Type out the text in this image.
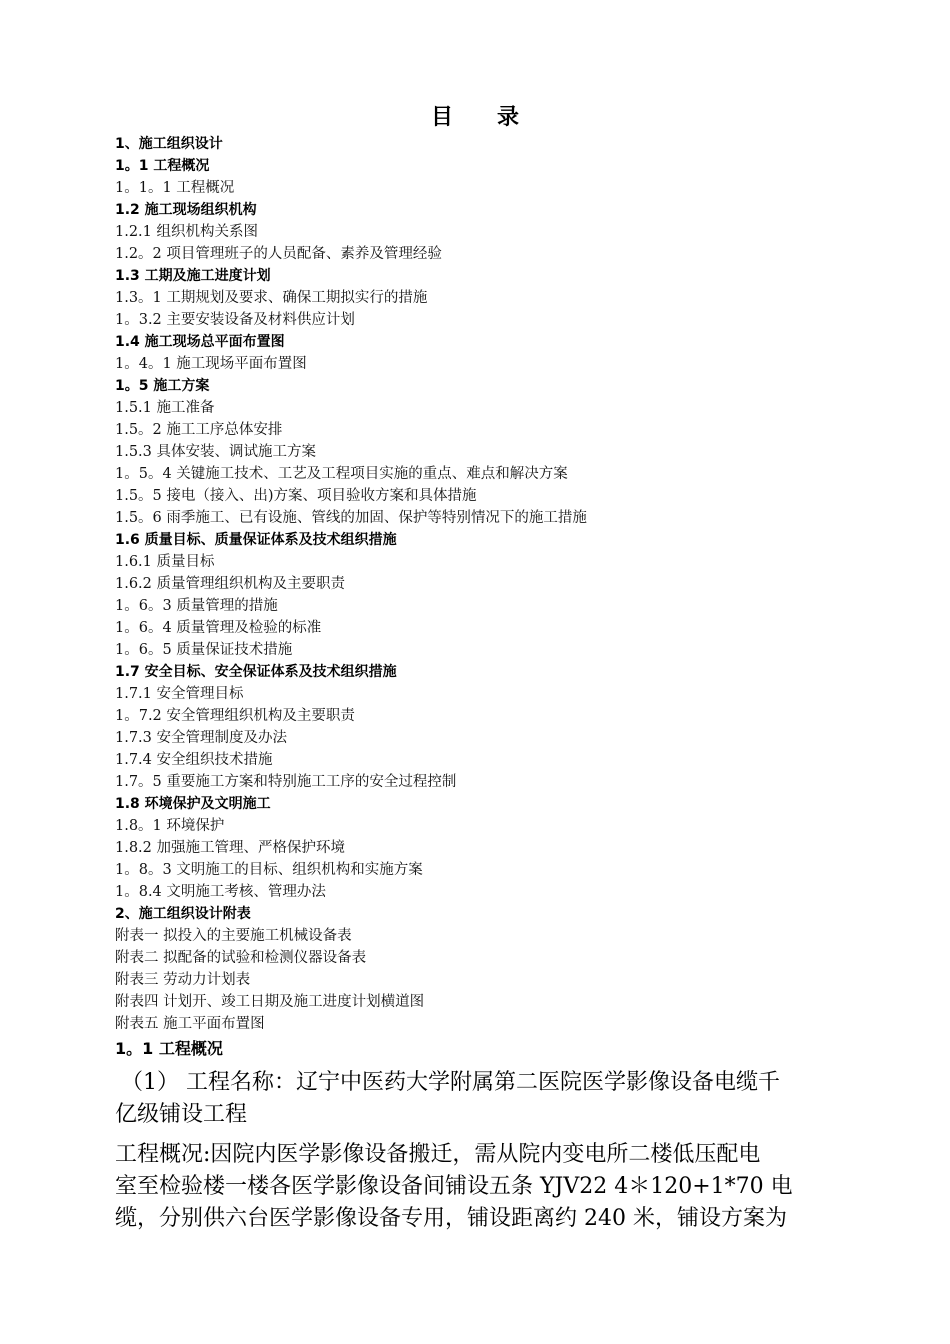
目 录
1、施工组织设计
1。1 工程概况
1。1。1 工程概况
1.2 施工现场组织机构
1.2.1 组织机构关系图
1.2。2 项目管理班子的人员配备、素养及管理经验
1.3 工期及施工进度计划
1.3。1 工期规划及要求、确保工期拟实行的措施
1。3.2 主要安装设备及材料供应计划
1.4 施工现场总平面布置图
1。4。1 施工现场平面布置图
1。5 施工方案
1.5.1 施工准备
1.5。2 施工工序总体安排
1.5.3 具体安装、调试施工方案
1。5。4 关键施工技术、工艺及工程项目实施的重点、难点和解决方案
1.5。5 接电（接入、出)方案、项目验收方案和具体措施
1.5。6 雨季施工、已有设施、管线的加固、保护等特别情况下的施工措施
1.6 质量目标、质量保证体系及技术组织措施
1.6.1 质量目标
1.6.2 质量管理组织机构及主要职责
1。6。3 质量管理的措施
1。6。4 质量管理及检验的标准
1。6。5 质量保证技术措施
1.7 安全目标、安全保证体系及技术组织措施
1.7.1 安全管理目标
1。7.2 安全管理组织机构及主要职责
1.7.3 安全管理制度及办法
1.7.4 安全组织技术措施
1.7。5 重要施工方案和特别施工工序的安全过程控制
1.8 环境保护及文明施工
1.8。1 环境保护
1.8.2 加强施工管理、严格保护环境
1。8。3 文明施工的目标、组织机构和实施方案
1。8.4 文明施工考核、管理办法
2、施工组织设计附表
附表一 拟投入的主要施工机械设备表
附表二 拟配备的试验和检测仪器设备表
附表三 劳动力计划表
附表四 计划开、竣工日期及施工进度计划横道图
附表五 施工平面布置图
1。1 工程概况
（1） 工程名称：辽宁中医药大学附属第二医院医学影像设备电缆千
亿级铺设工程
工程概况:因院内医学影像设备搬迁，需从院内变电所二楼低压配电
室至检验楼一楼各医学影像设备间铺设五条 YJV22 4＊120+1*70 电
缆，分别供六台医学影像设备专用，铺设距离约 240 米，铺设方案为
